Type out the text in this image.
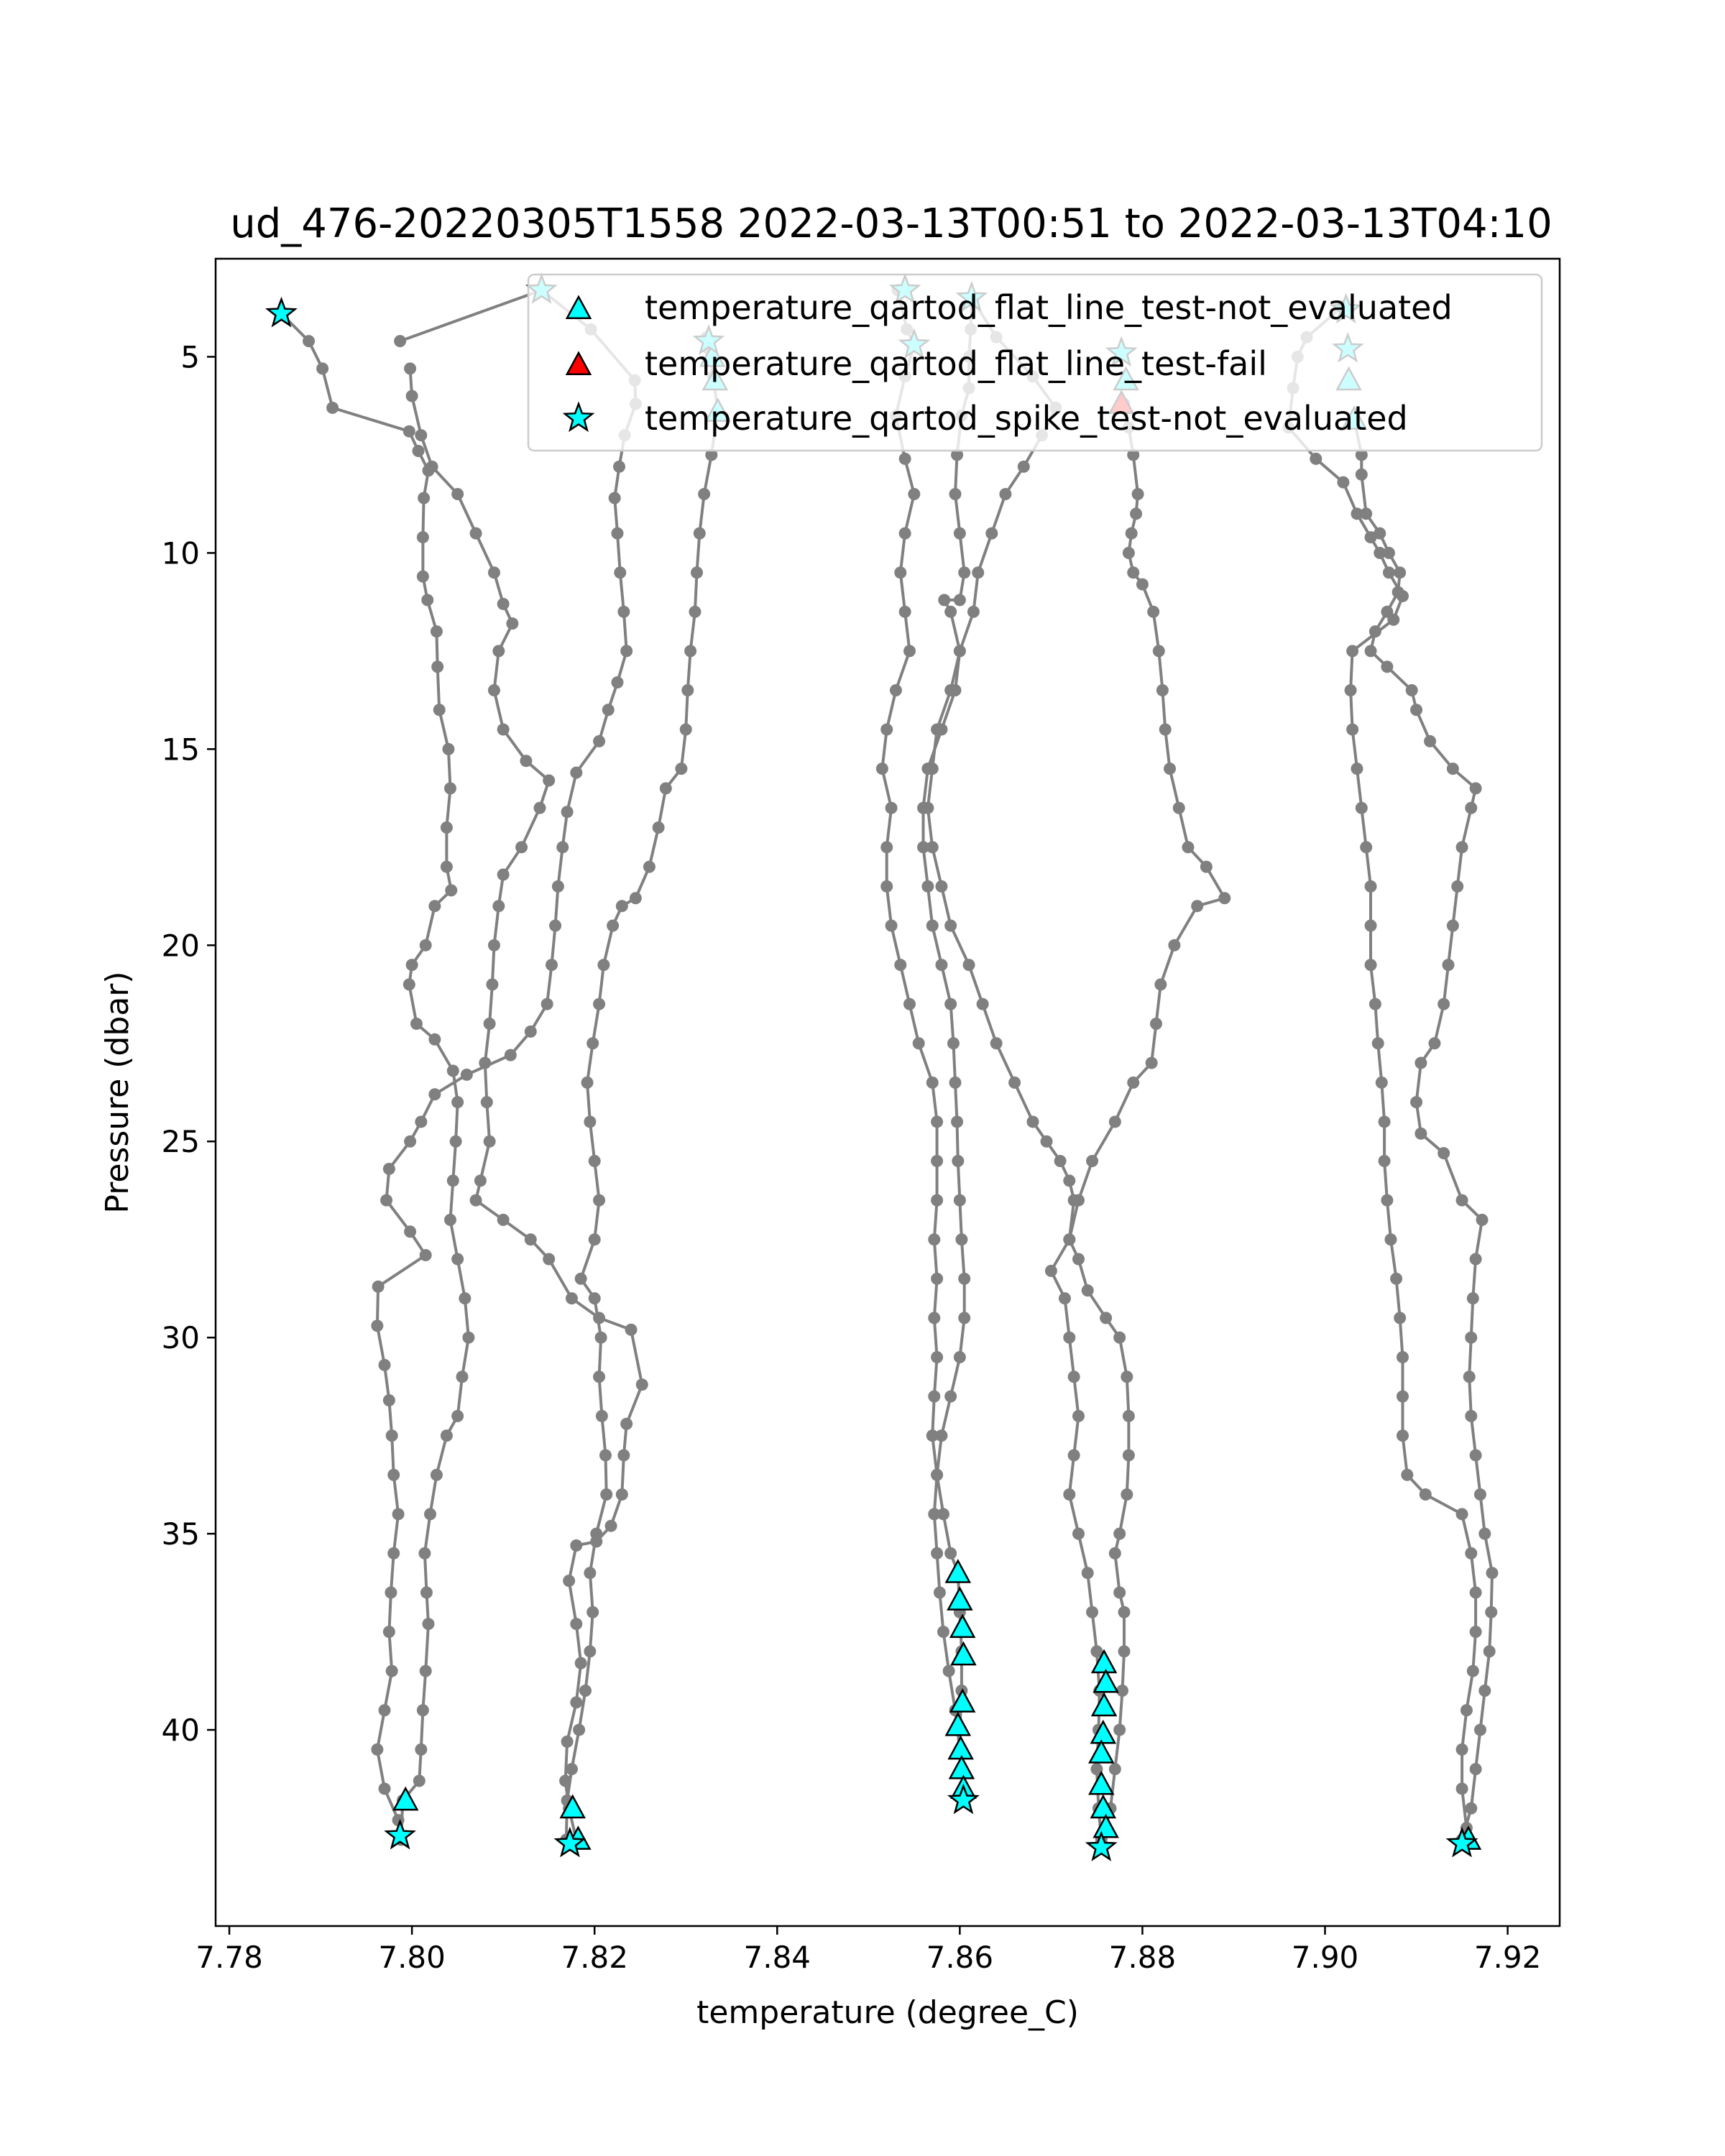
ud_476-20220305T1558 2022-03-13T00:51 to 2022-03-13T04:10
7.78	7.80	7.82	7.84	7.86	7.88	7.90	7.92
5
10
15
20
25
30
35
40
temperature (degree_C)
Pressure (dbar)
temperature_qartod_flat_line_test-not_evaluated
temperature_qartod_flat_line_test-fail
temperature_qartod_spike_test-not_evaluated
